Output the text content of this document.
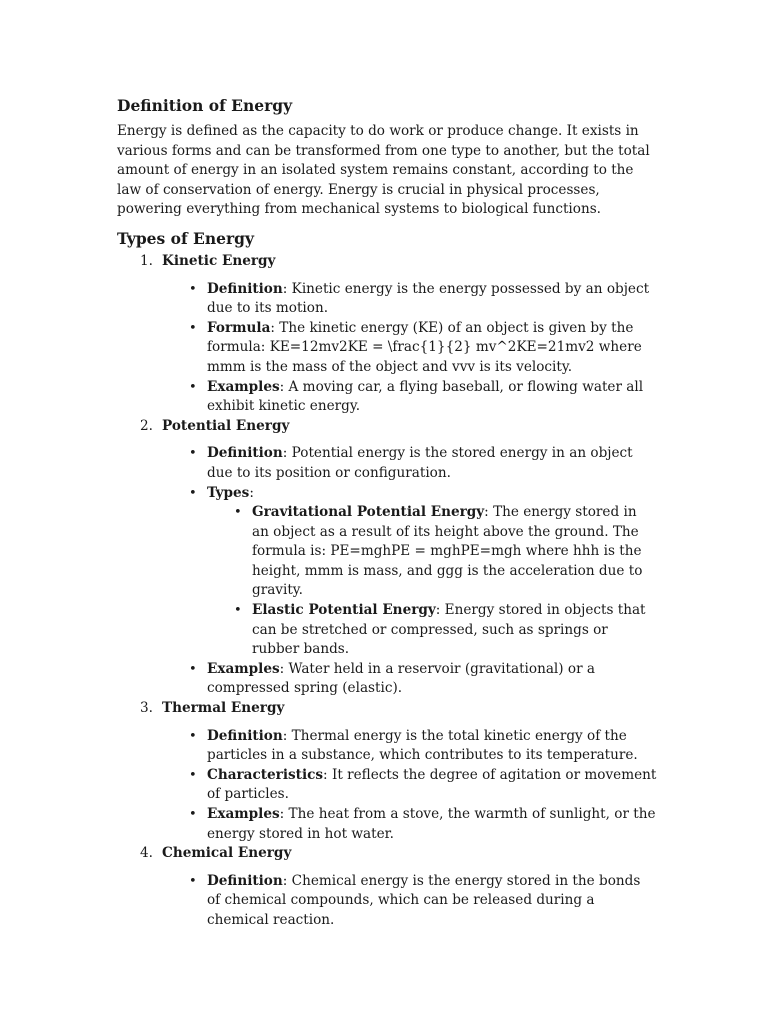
Definition of Energy

Energy is defined as the capacity to do work or produce change. It exists in various forms and can be transformed from one type to another, but the total amount of energy in an isolated system remains constant, according to the law of conservation of energy. Energy is crucial in physical processes, powering everything from mechanical systems to biological functions.

Types of Energy
1. Kinetic Energy
• Definition: Kinetic energy is the energy possessed by an object due to its motion.
• Formula: The kinetic energy (KE) of an object is given by the formula: KE=12mv2KE = \frac{1}{2} mv^2KE=21mv2 where mmm is the mass of the object and vvv is its velocity.
• Examples: A moving car, a flying baseball, or flowing water all exhibit kinetic energy.
2. Potential Energy
• Definition: Potential energy is the stored energy in an object due to its position or configuration.
• Types:
• Gravitational Potential Energy: The energy stored in an object as a result of its height above the ground. The formula is: PE=mghPE = mghPE=mgh where hhh is the height, mmm is mass, and ggg is the acceleration due to gravity.
• Elastic Potential Energy: Energy stored in objects that can be stretched or compressed, such as springs or rubber bands.
• Examples: Water held in a reservoir (gravitational) or a compressed spring (elastic).
3. Thermal Energy
• Definition: Thermal energy is the total kinetic energy of the particles in a substance, which contributes to its temperature.
• Characteristics: It reflects the degree of agitation or movement of particles.
• Examples: The heat from a stove, the warmth of sunlight, or the energy stored in hot water.
4. Chemical Energy
• Definition: Chemical energy is the energy stored in the bonds of chemical compounds, which can be released during a chemical reaction.
